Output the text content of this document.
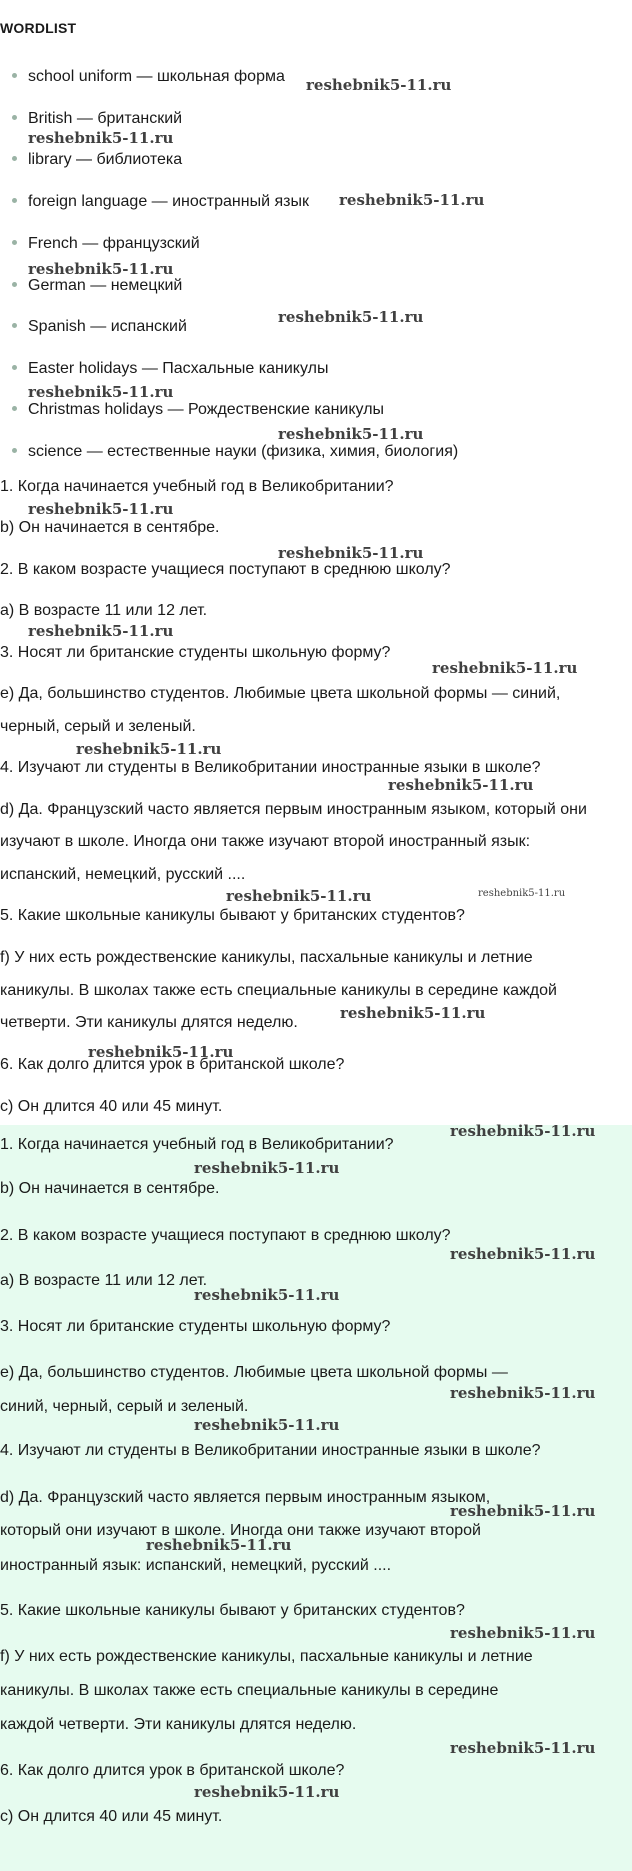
WORDLIST
school uniform — школьная форма
British — британский
library — библиотека
foreign language — иностранный язык
French — французский
German — немецкий
Spanish — испанский
Easter holidays — Пасхальные каникулы
Christmas holidays — Рождественские каникулы
science — естественные науки (физика, химия, биология)
1. Когда начинается учебный год в Великобритании?
b) Он начинается в сентябре.
2. В каком возрасте учащиеся поступают в среднюю школу?
a) В возрасте 11 или 12 лет.
3. Носят ли британские студенты школьную форму?
e) Да, большинство студентов. Любимые цвета школьной формы — синий,
черный, серый и зеленый.
4. Изучают ли студенты в Великобритании иностранные языки в школе?
d) Да. Французский часто является первым иностранным языком, который они
изучают в школе. Иногда они также изучают второй иностранный язык:
испанский, немецкий, русский ....
5. Какие школьные каникулы бывают у британских студентов?
f) У них есть рождественские каникулы, пасхальные каникулы и летние
каникулы. В школах также есть специальные каникулы в середине каждой
четверти. Эти каникулы длятся неделю.
6. Как долго длится урок в британской школе?
c) Он длится 40 или 45 минут.
1. Когда начинается учебный год в Великобритании?
b) Он начинается в сентябре.
2. В каком возрасте учащиеся поступают в среднюю школу?
a) В возрасте 11 или 12 лет.
3. Носят ли британские студенты школьную форму?
e) Да, большинство студентов. Любимые цвета школьной формы —
синий, черный, серый и зеленый.
4. Изучают ли студенты в Великобритании иностранные языки в школе?
d) Да. Французский часто является первым иностранным языком,
который они изучают в школе. Иногда они также изучают второй
иностранный язык: испанский, немецкий, русский ....
5. Какие школьные каникулы бывают у британских студентов?
f) У них есть рождественские каникулы, пасхальные каникулы и летние
каникулы. В школах также есть специальные каникулы в середине
каждой четверти. Эти каникулы длятся неделю.
6. Как долго длится урок в британской школе?
c) Он длится 40 или 45 минут.
reshebnik5-11.ru
reshebnik5-11.ru
reshebnik5-11.ru
reshebnik5-11.ru
reshebnik5-11.ru
reshebnik5-11.ru
reshebnik5-11.ru
reshebnik5-11.ru
reshebnik5-11.ru
reshebnik5-11.ru
reshebnik5-11.ru
reshebnik5-11.ru
reshebnik5-11.ru
reshebnik5-11.ru	reshebnik5-11.ru
reshebnik5-11.ru
reshebnik5-11.ru
reshebnik5-11.ru
reshebnik5-11.ru
reshebnik5-11.ru
reshebnik5-11.ru
reshebnik5-11.ru
reshebnik5-11.ru
reshebnik5-11.ru
reshebnik5-11.ru
reshebnik5-11.ru
reshebnik5-11.ru
reshebnik5-11.ru
